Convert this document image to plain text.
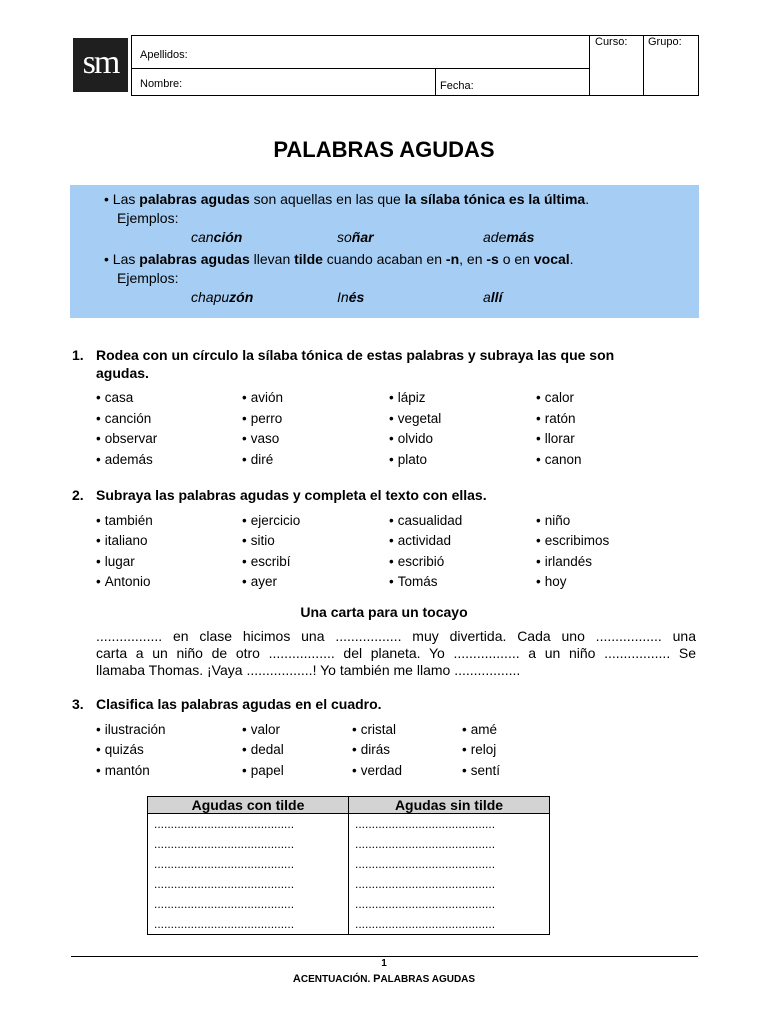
sm	Apellidos:
Nombre:	Fecha:
Curso: Grupo:
PALABRAS AGUDAS
• Las palabras agudas son aquellas en las que la sílaba tónica es la última.
Ejemplos:
canción	soñar	además
• Las palabras agudas llevan tilde cuando acaban en -n, en -s o en vocal.
Ejemplos:
chapuzón	Inés	allí
1. Rodea con un círculo la sílaba tónica de estas palabras y subraya las que son
agudas.
• casa
• canción
• observar
• además
• avión
• perro
• vaso
• diré
• lápiz
• vegetal
• olvido
• plato
• calor
• ratón
• llorar
• canon
2. Subraya las palabras agudas y completa el texto con ellas.
• también
• italiano
• lugar
• Antonio
• ejercicio
• sitio
• escribí
• ayer
• casualidad
• actividad
• escribió
• Tomás
• niño
• escribimos
• irlandés
• hoy
Una carta para un tocayo
................. en clase hicimos una ................. muy divertida. Cada uno ................. una
carta a un niño de otro ................. del planeta. Yo ................. a un niño ................. Se
llamaba Thomas. ¡Vaya .................! Yo también me llamo .................
3. Clasifica las palabras agudas en el cuadro.
• ilustración
• quizás
• mantón
• valor
• dedal
• papel
• cristal
• dirás
• verdad
• amé
• reloj
• sentí
Agudas con tilde	Agudas sin tilde
..........................................	..........................................
..........................................	..........................................
..........................................	..........................................
..........................................	..........................................
..........................................	..........................................
..........................................	..........................................
1
ACENTUACIÓN. PALABRAS AGUDAS
